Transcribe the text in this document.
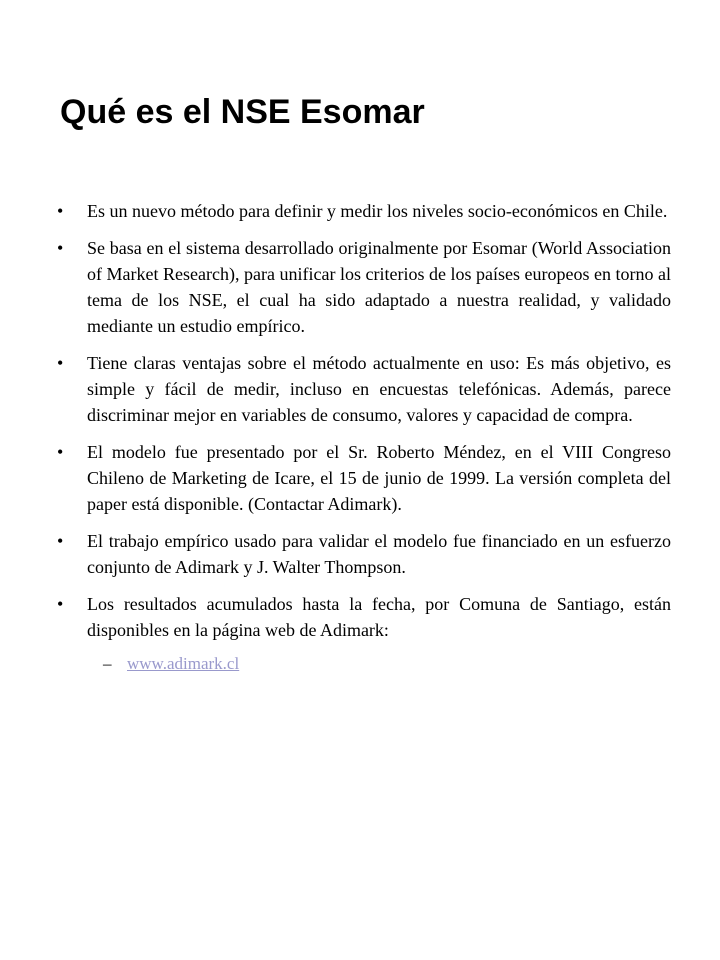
Qué es el NSE Esomar
• Es un nuevo método para definir y medir los niveles socio-económicos en Chile.
• Se basa en el sistema desarrollado originalmente por Esomar (World Association of Market Research), para unificar los criterios de los países europeos en torno al tema de los NSE, el cual ha sido adaptado a nuestra realidad, y validado mediante un estudio empírico.
• Tiene claras ventajas sobre el método actualmente en uso: Es más objetivo, es simple y fácil de medir, incluso en encuestas telefónicas. Además, parece discriminar mejor en variables de consumo, valores y capacidad de compra.
• El modelo fue presentado por el Sr. Roberto Méndez, en el VIII Congreso Chileno de Marketing de Icare, el 15 de junio de 1999. La versión completa del paper está disponible. (Contactar Adimark).
• El trabajo empírico usado para validar el modelo fue financiado en un esfuerzo conjunto de Adimark y J. Walter Thompson.
• Los resultados acumulados hasta la fecha, por Comuna de Santiago, están disponibles en la página web de Adimark:
– www.adimark.cl
